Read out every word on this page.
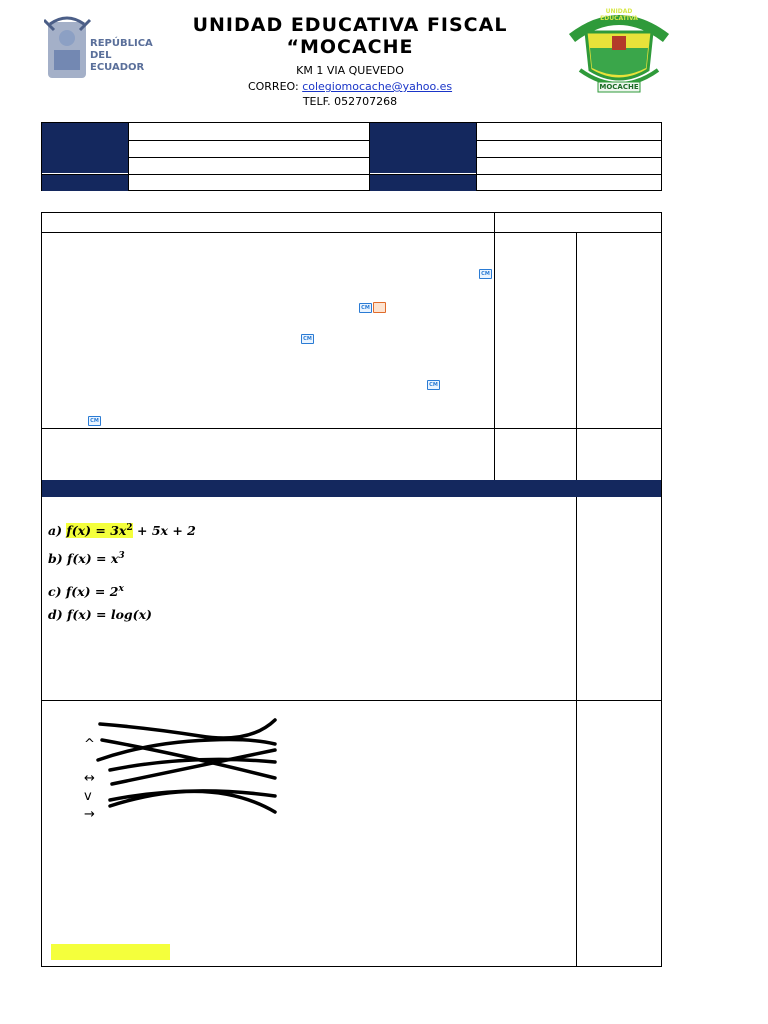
REPÚBLICA
DEL ECUADOR
UNIDAD EDUCATIVA FISCAL
“MOCACHE
KM 1 VIA QUEVEDO
CORREO: colegiomocache@yahoo.es
TELF. 052707268
UNIDAD EDUCATIVA
MOCACHE
CM
CM
CM
CM
CM
a) $f(x) = 3x^2 + 5x + 2$
b) $f(x) = x^3$
c) $f(x) = 2^x$
d) f(x) = log(x)
^
↔
v
→
